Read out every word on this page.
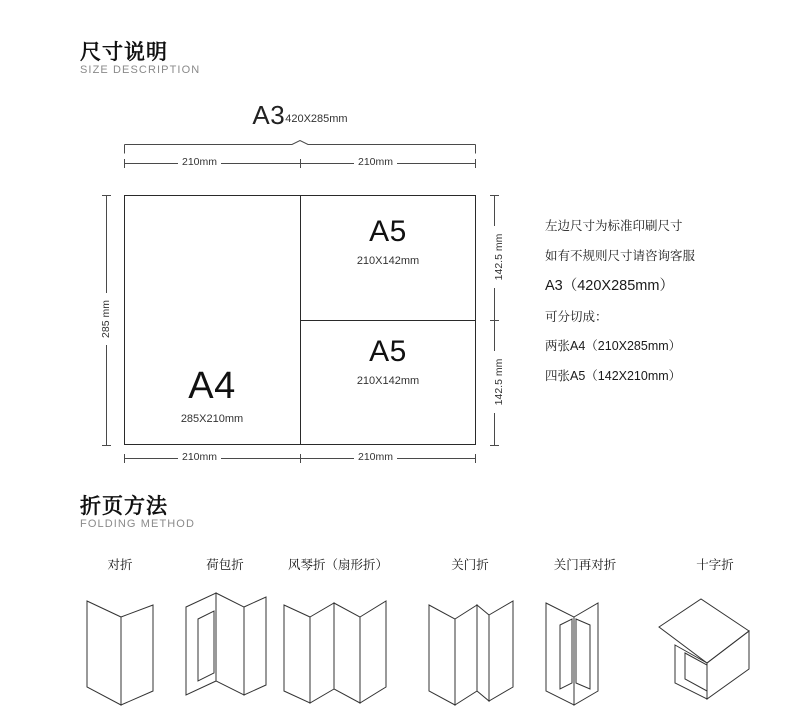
尺寸说明
SIZE DESCRIPTION
A3420X285mm
210mm	210mm
A4
285X210mm
A5
210X142mm
A5
210X142mm
285 mm
142.5 mm
142.5 mm
210mm	210mm
左边尺寸为标准印刷尺寸
如有不规则尺寸请咨询客服
A3（420X285mm）
可分切成：
两张A4（210X285mm）
四张A5（142X210mm）
折页方法
FOLDING METHOD
对折	荷包折	风琴折（扇形折）	关门折	关门再对折	十字折
